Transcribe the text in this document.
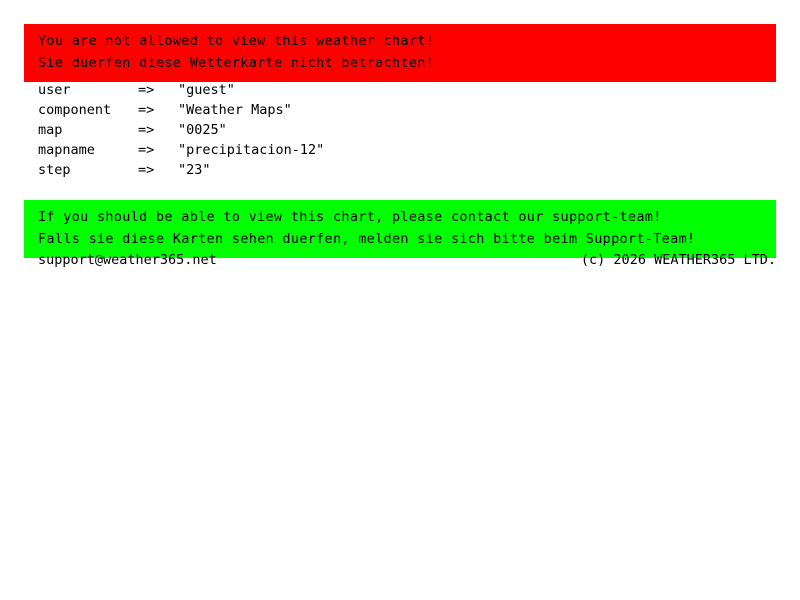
You are not allowed to view this weather chart!
Sie duerfen diese Wetterkarte nicht betrachten!
user	=>	"guest"
component	=>	"Weather Maps"
map	=>	"0025"
mapname	=>	"precipitacion-12"
step	=>	"23"
If you should be able to view this chart, please contact our support-team!
Falls sie diese Karten sehen duerfen, melden sie sich bitte beim Support-Team!
support@weather365.net	(c) 2026 WEATHER365 LTD.
